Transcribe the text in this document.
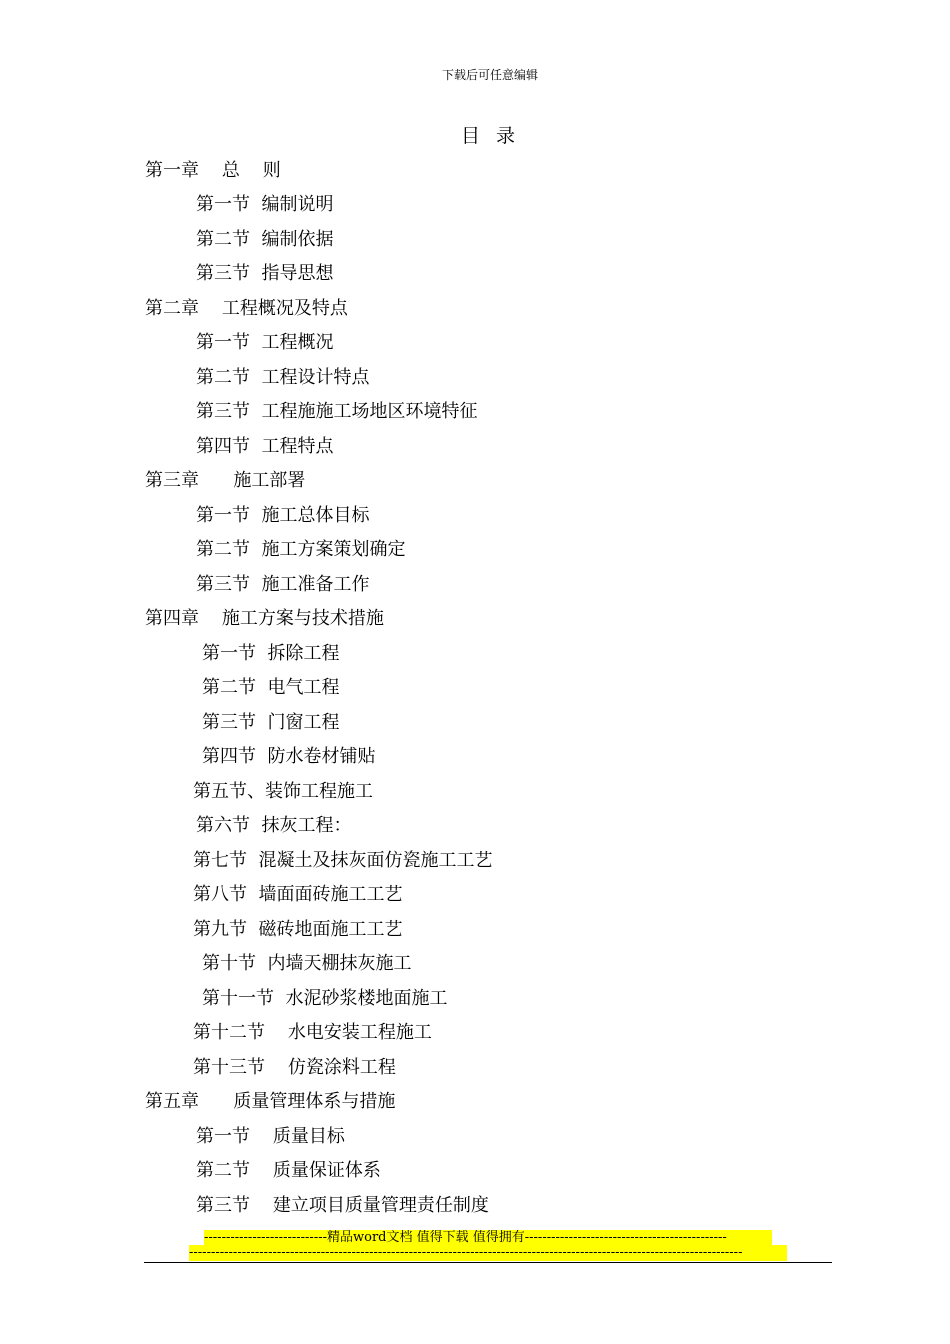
下载后可任意编辑
目录
第一章    总    则
第一节  编制说明
第二节  编制依据
第三节  指导思想
第二章    工程概况及特点
第一节  工程概况
第二节  工程设计特点
第三节  工程施施工场地区环境特征
第四节  工程特点
第三章      施工部署
第一节  施工总体目标
第二节  施工方案策划确定
第三节  施工准备工作
第四章    施工方案与技术措施
第一节  拆除工程
第二节  电气工程
第三节  门窗工程
第四节  防水卷材铺贴
第五节、装饰工程施工
第六节  抹灰工程：
第七节  混凝土及抹灰面仿瓷施工工艺
第八节  墙面面砖施工工艺
第九节  磁砖地面施工工艺
第十节  内墙天棚抹灰施工
第十一节  水泥砂浆楼地面施工
第十二节    水电安装工程施工
第十三节    仿瓷涂料工程
第五章      质量管理体系与措施
第一节    质量目标
第二节    质量保证体系
第三节    建立项目质量管理责任制度
----------------------------精品word文档 值得下载 值得拥有----------------------------------------------
------------------------------------------------------------------------------------------------------------------------------
